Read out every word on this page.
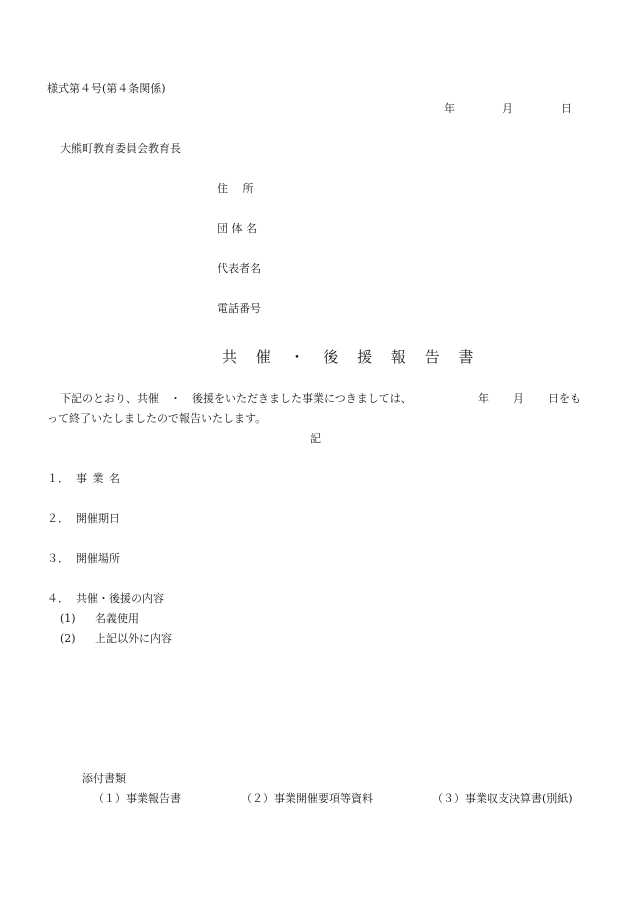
様式第４号(第４条関係)
年	月	日
大熊町教育委員会教育長
住　 所
団 体 名
代表者名
電話番号
共 催 ・ 後 援 報 告 書
下記のとおり、共催　・　後援をいただきました事業につきましては、	年 月 日をも
って終了いたしましたので報告いたします。
記
１． 事 業 名
２． 開催期日
３． 開催場所
４． 共催・後援の内容
(1) 名義使用
(2) 上記以外に内容
添付書類
（１）事業報告書	（２）事業開催要項等資料	（３）事業収支決算書(別紙)
